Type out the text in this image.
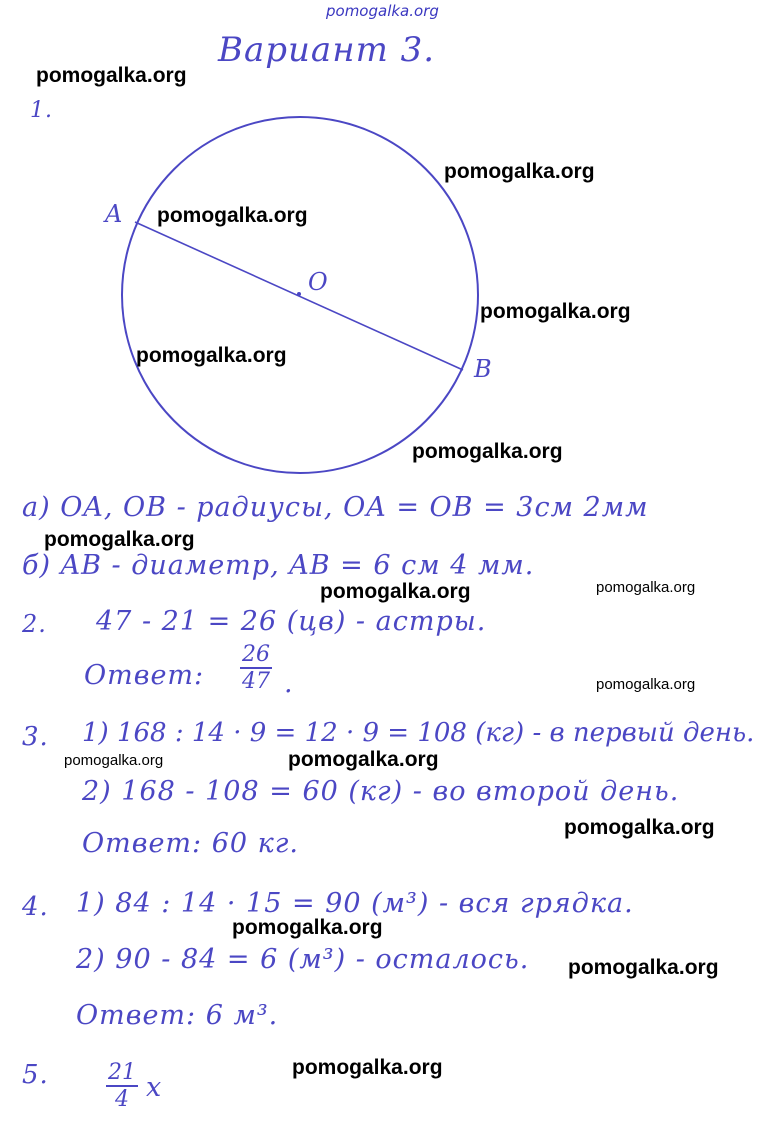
pomogalka.org
Вариант 3.
1.
A
O
B
а) OA, OB - радиусы, OA = OB = 3см 2мм
б) AB - диаметр, AB = 6 см 4 мм.
2. 47 - 21 = 26 (цв) - астры.
Ответ: $\frac{26}{47}$ .
3. 1) 168 : 14 · 9 = 12 · 9 = 108 (кг) - в первый день.
2) 168 - 108 = 60 (кг) - во второй день.
Ответ: 60 кг.
4. 1) 84 : 14 · 15 = 90 (м³) - вся грядка.
2) 90 - 84 = 6 (м³) - осталось.
Ответ: 6 м³.
5.	$\frac{21}{4}$ x
pomogalka.org
pomogalka.org
pomogalka.org
pomogalka.org
pomogalka.org
pomogalka.org
pomogalka.org
pomogalka.org	pomogalka.org
pomogalka.org
pomogalka.org	pomogalka.org
pomogalka.org
pomogalka.org
pomogalka.org
pomogalka.org
